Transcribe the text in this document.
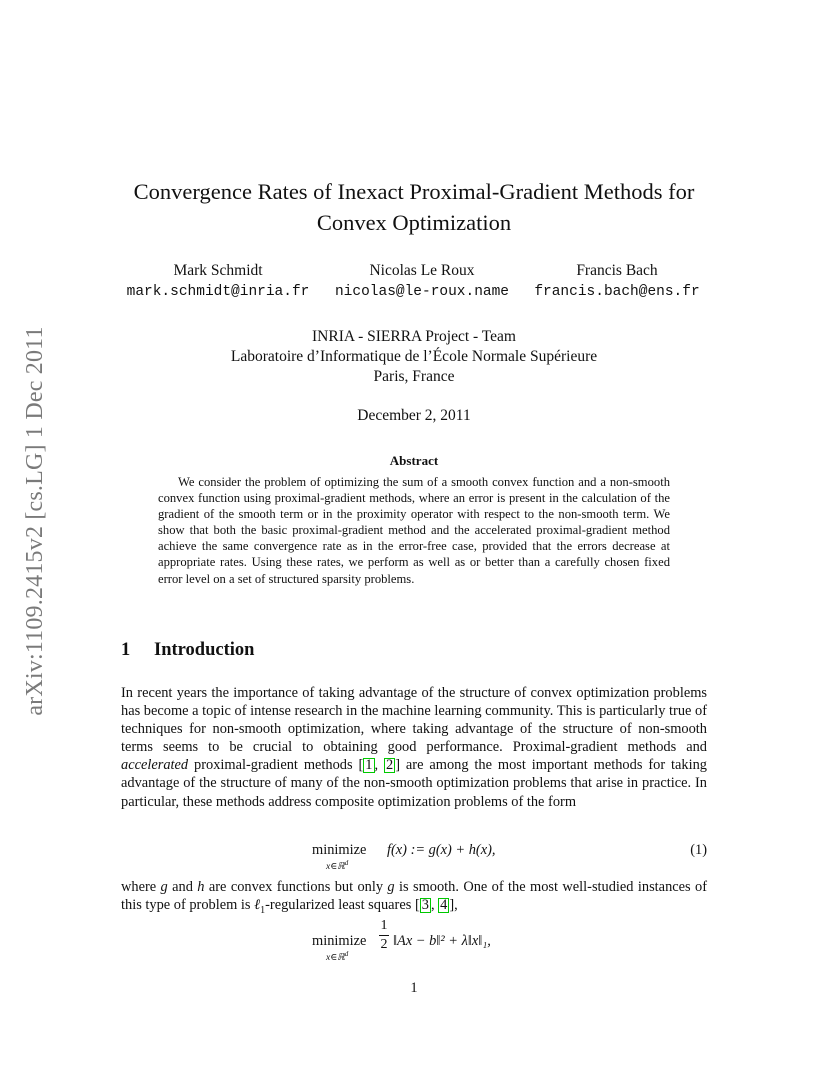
arXiv:1109.2415v2 [cs.LG] 1 Dec 2011
Convergence Rates of Inexact Proximal-Gradient Methods for
Convex Optimization
Mark Schmidt
mark.schmidt@inria.fr
Nicolas Le Roux
nicolas@le-roux.name
Francis Bach
francis.bach@ens.fr
INRIA - SIERRA Project - Team
Laboratoire d’Informatique de l’École Normale Supérieure
Paris, France
December 2, 2011
Abstract

We consider the problem of optimizing the sum of a smooth convex function and a non-smooth convex function using proximal-gradient methods, where an error is present in the calculation of the gradient of the smooth term or in the proximity operator with respect to the non-smooth term. We show that both the basic proximal-gradient method and the accelerated proximal-gradient method achieve the same convergence rate as in the error-free case, provided that the errors decrease at appropriate rates. Using these rates, we perform as well as or better than a carefully chosen fixed error level on a set of structured sparsity problems.

1 Introduction

In recent years the importance of taking advantage of the structure of convex optimization problems has become a topic of intense research in the machine learning community. This is particularly true of techniques for non-smooth optimization, where taking advantage of the structure of non-smooth terms seems to be crucial to obtaining good performance. Proximal-gradient methods and accelerated proximal-gradient methods [ 1 , 2 ] are among the most important methods for taking advantage of the structure of many of the non-smooth optimization problems that arise in practice. In particular, these methods address composite optimization problems of the form

minimize
x∈ℝ$^d$
f(x) := g(x) + h(x),	(1)

where g and h are convex functions but only g is smooth. One of the most well-studied instances of this type of problem is ℓ$_1$-regularized least squares [ 3 , 4 ],

minimize
x∈ℝ$^d$
1
2 ‖Ax − b‖² + λ‖x‖₁,
1
